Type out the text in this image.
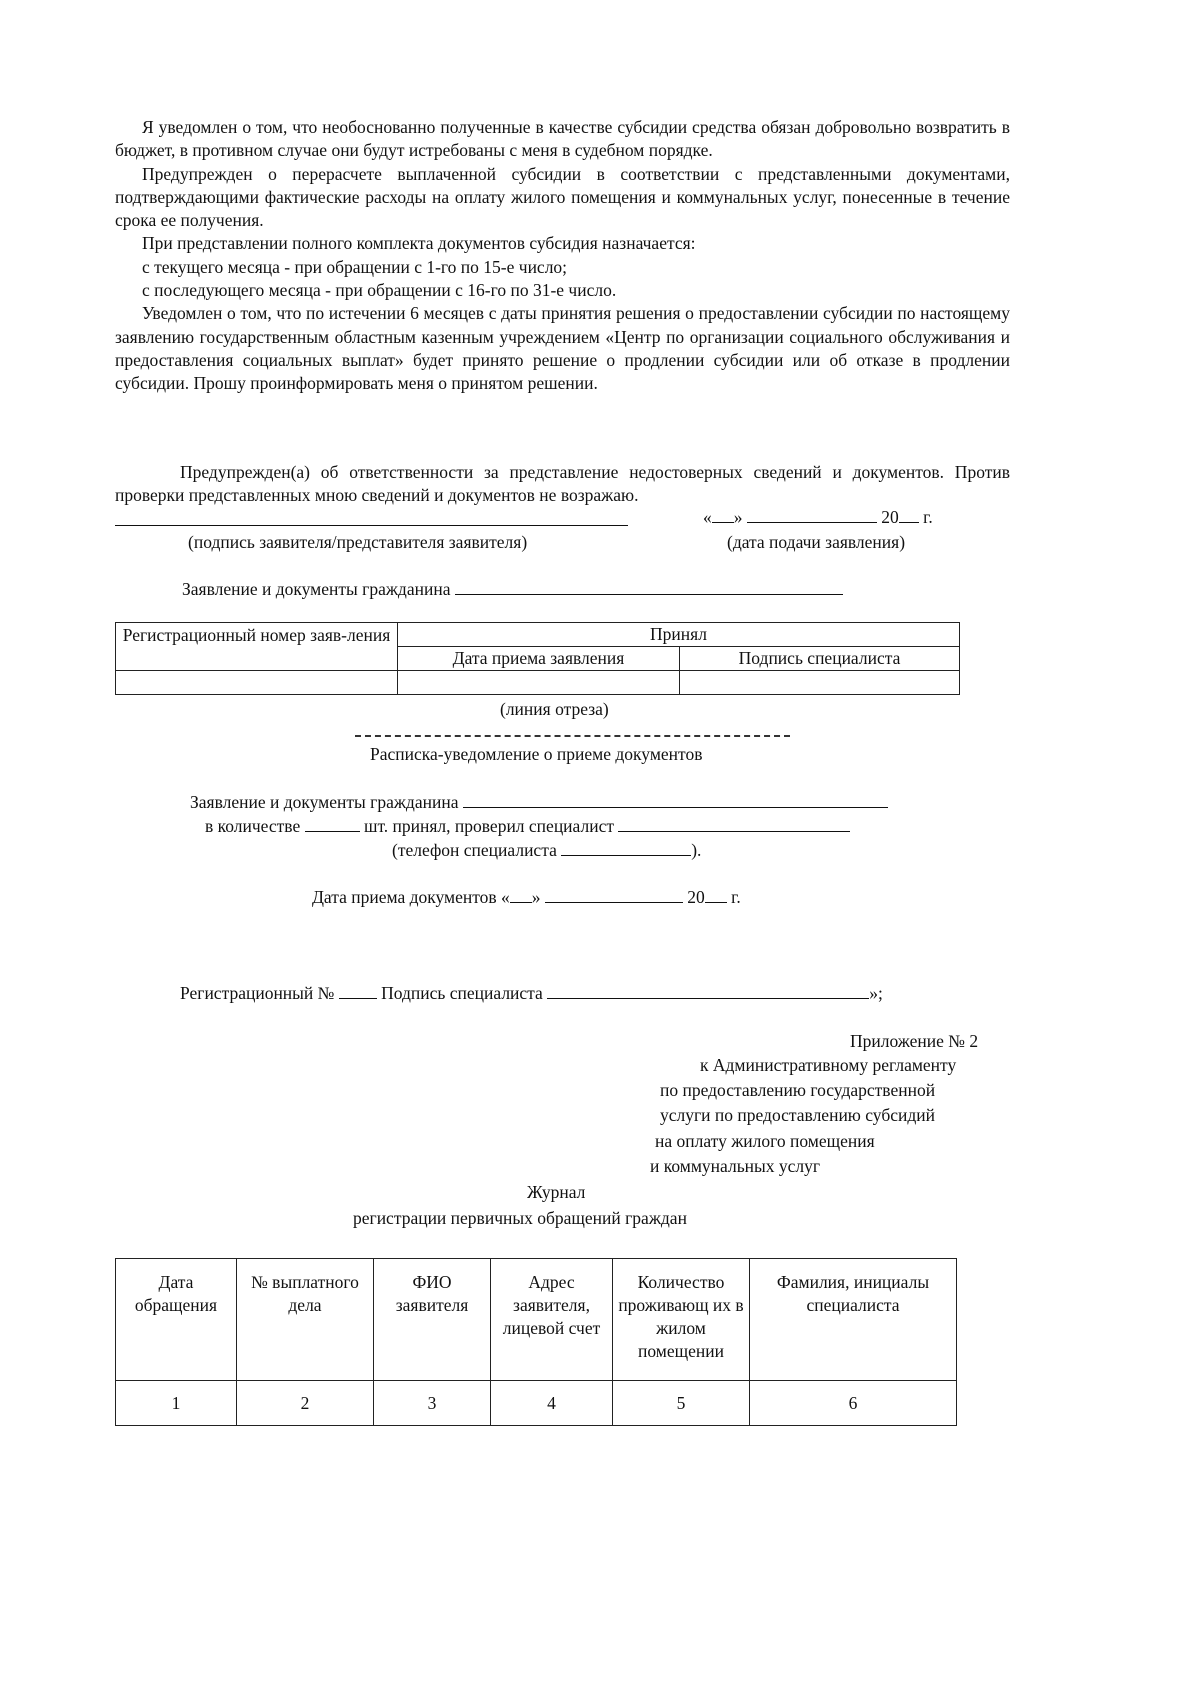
Я уведомлен о том, что необоснованно полученные в качестве субсидии средства обязан добровольно возвратить в бюджет, в противном случае они будут истребованы с меня в судебном порядке.

Предупрежден о перерасчете выплаченной субсидии в соответствии с представленными документами, подтверждающими фактические расходы на оплату жилого помещения и коммунальных услуг, понесенные в течение срока ее получения.

При представлении полного комплекта документов субсидия назначается:

с текущего месяца - при обращении с 1-го по 15-е число;

с последующего месяца - при обращении с 16-го по 31-е число.

Уведомлен о том, что по истечении 6 месяцев с даты принятия решения о предоставлении субсидии по настоящему заявлению государственным областным казенным учреждением «Центр по организации социального обслуживания и предоставления социальных выплат» будет принято решение о продлении субсидии или об отказе в продлении субсидии. Прошу проинформировать меня о принятом решении.

Предупрежден(а) об ответственности за представление недостоверных сведений и документов. Против проверки представленных мною сведений и документов не возражаю.

« »	20 г.
(подпись заявителя/представителя заявителя)	(дата подачи заявления)
Заявление и документы гражданина
Регистрационный номер заяв-ления	Принял	
	Дата приема заявления	Подпись специалиста

(линия отреза)
Расписка-уведомление о приеме документов
Заявление и документы гражданина
в количестве	шт. принял, проверил специалист
(телефон специалиста	).
Дата приема документов « »	20 г.
Регистрационный №	Подпись специалиста	»;
Приложение № 2
к Административному регламенту
по предоставлению государственной
услуги по предоставлению субсидий
на оплату жилого помещения
и коммунальных услуг
Журнал
регистрации первичных обращений граждан
Дата обращения	№ выплатного дела	ФИО заявителя	Адрес заявителя, лицевой счет	Количество проживающ их в жилом помещении	Фамилия, инициалы специалиста
1	2	3	4	5	6
